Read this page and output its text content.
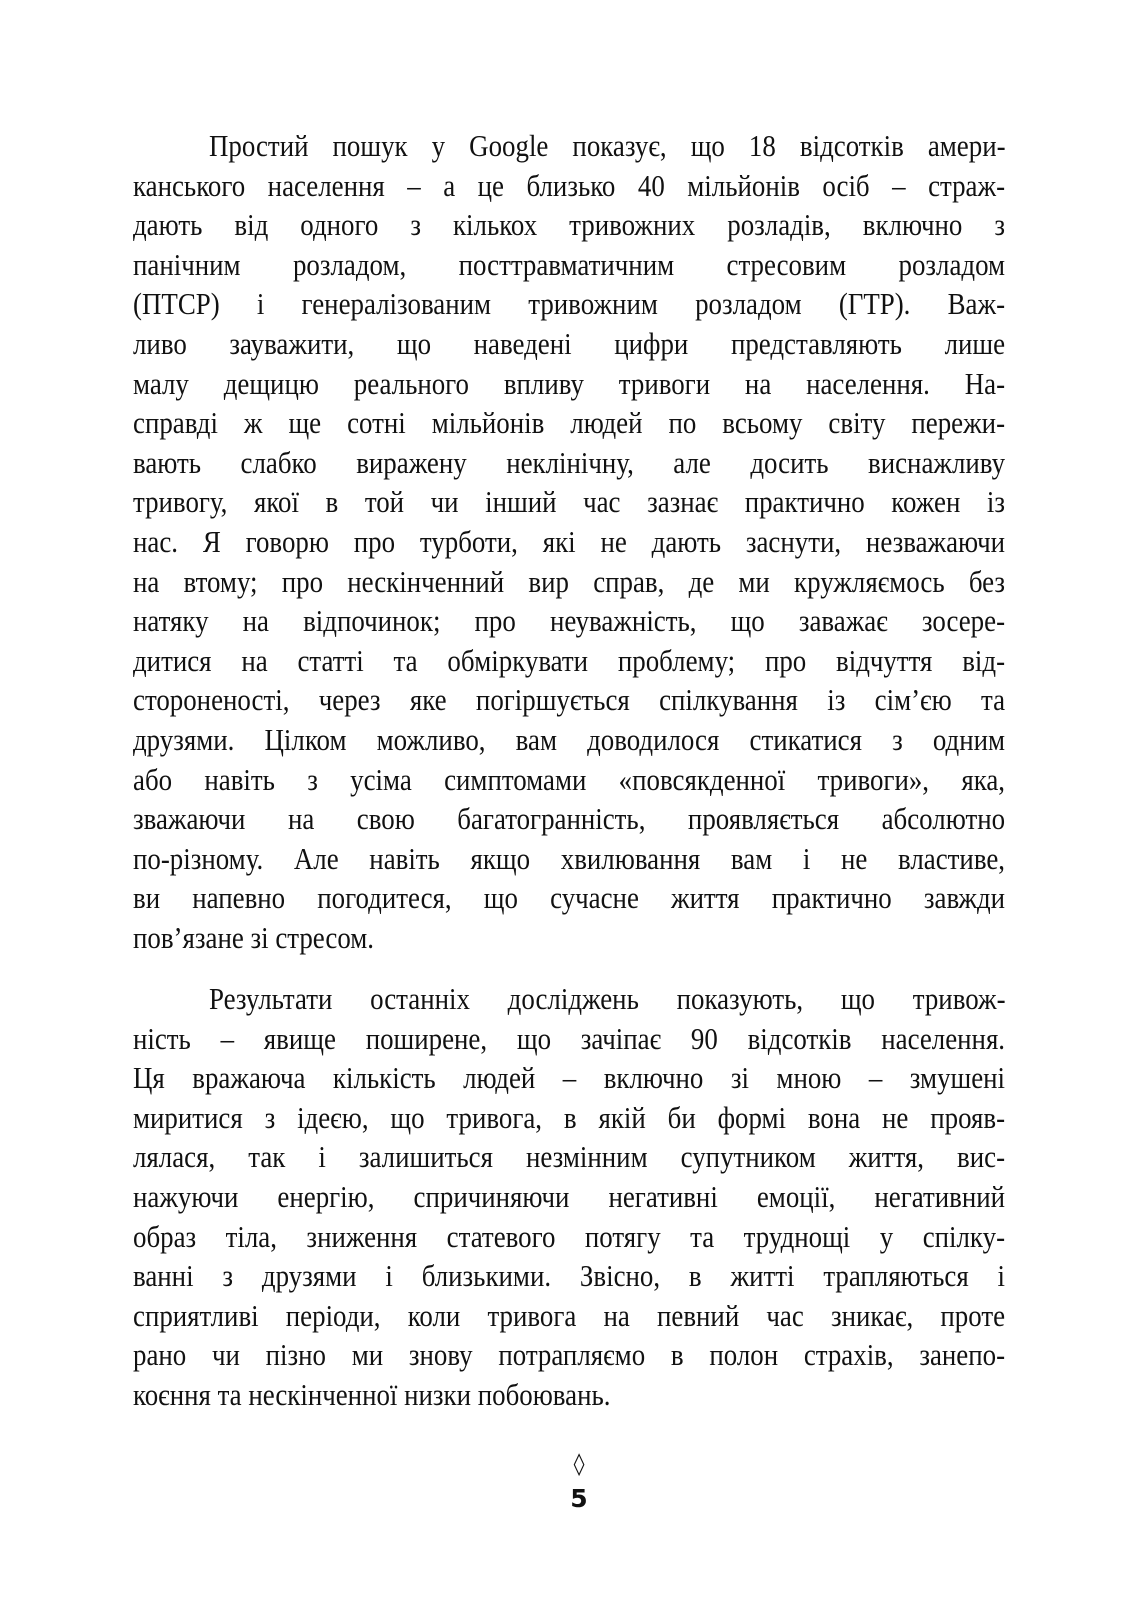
Простий пошук у Google показує, що 18 відсотків амери-
канського населення – а це близько 40 мільйонів осіб – страж-
дають від одного з кількох тривожних розладів, включно з
панічним розладом, посттравматичним стресовим розладом
(ПТСР) і генералізованим тривожним розладом (ГТР). Важ-
ливо зауважити, що наведені цифри представляють лише
малу дещицю реального впливу тривоги на населення. На-
справді ж ще сотні мільйонів людей по всьому світу пережи-
вають слабко виражену неклінічну, але досить виснажливу
тривогу, якої в той чи інший час зазнає практично кожен із
нас. Я говорю про турботи, які не дають заснути, незважаючи
на втому; про нескінченний вир справ, де ми кружляємось без
натяку на відпочинок; про неуважність, що заважає зосере-
дитися на статті та обміркувати проблему; про відчуття від-
стороненості, через яке погіршується спілкування із сім’єю та
друзями. Цілком можливо, вам доводилося стикатися з одним
або навіть з усіма симптомами «повсякденної тривоги», яка,
зважаючи на свою багатогранність, проявляється абсолютно
по-різному. Але навіть якщо хвилювання вам і не властиве,
ви напевно погодитеся, що сучасне життя практично завжди
пов’язане зі стресом.
Результати останніх досліджень показують, що тривож-
ність – явище поширене, що зачіпає 90 відсотків населення.
Ця вражаюча кількість людей – включно зі мною – змушені
миритися з ідеєю, що тривога, в якій би формі вона не прояв-
лялася, так і залишиться незмінним супутником життя, вис-
нажуючи енергію, спричиняючи негативні емоції, негативний
образ тіла, зниження статевого потягу та труднощі у спілку-
ванні з друзями і близькими. Звісно, в житті трапляються і
сприятливі періоди, коли тривога на певний час зникає, проте
рано чи пізно ми знову потрапляємо в полон страхів, занепо-
коєння та нескінченної низки побоювань.
◊
5
